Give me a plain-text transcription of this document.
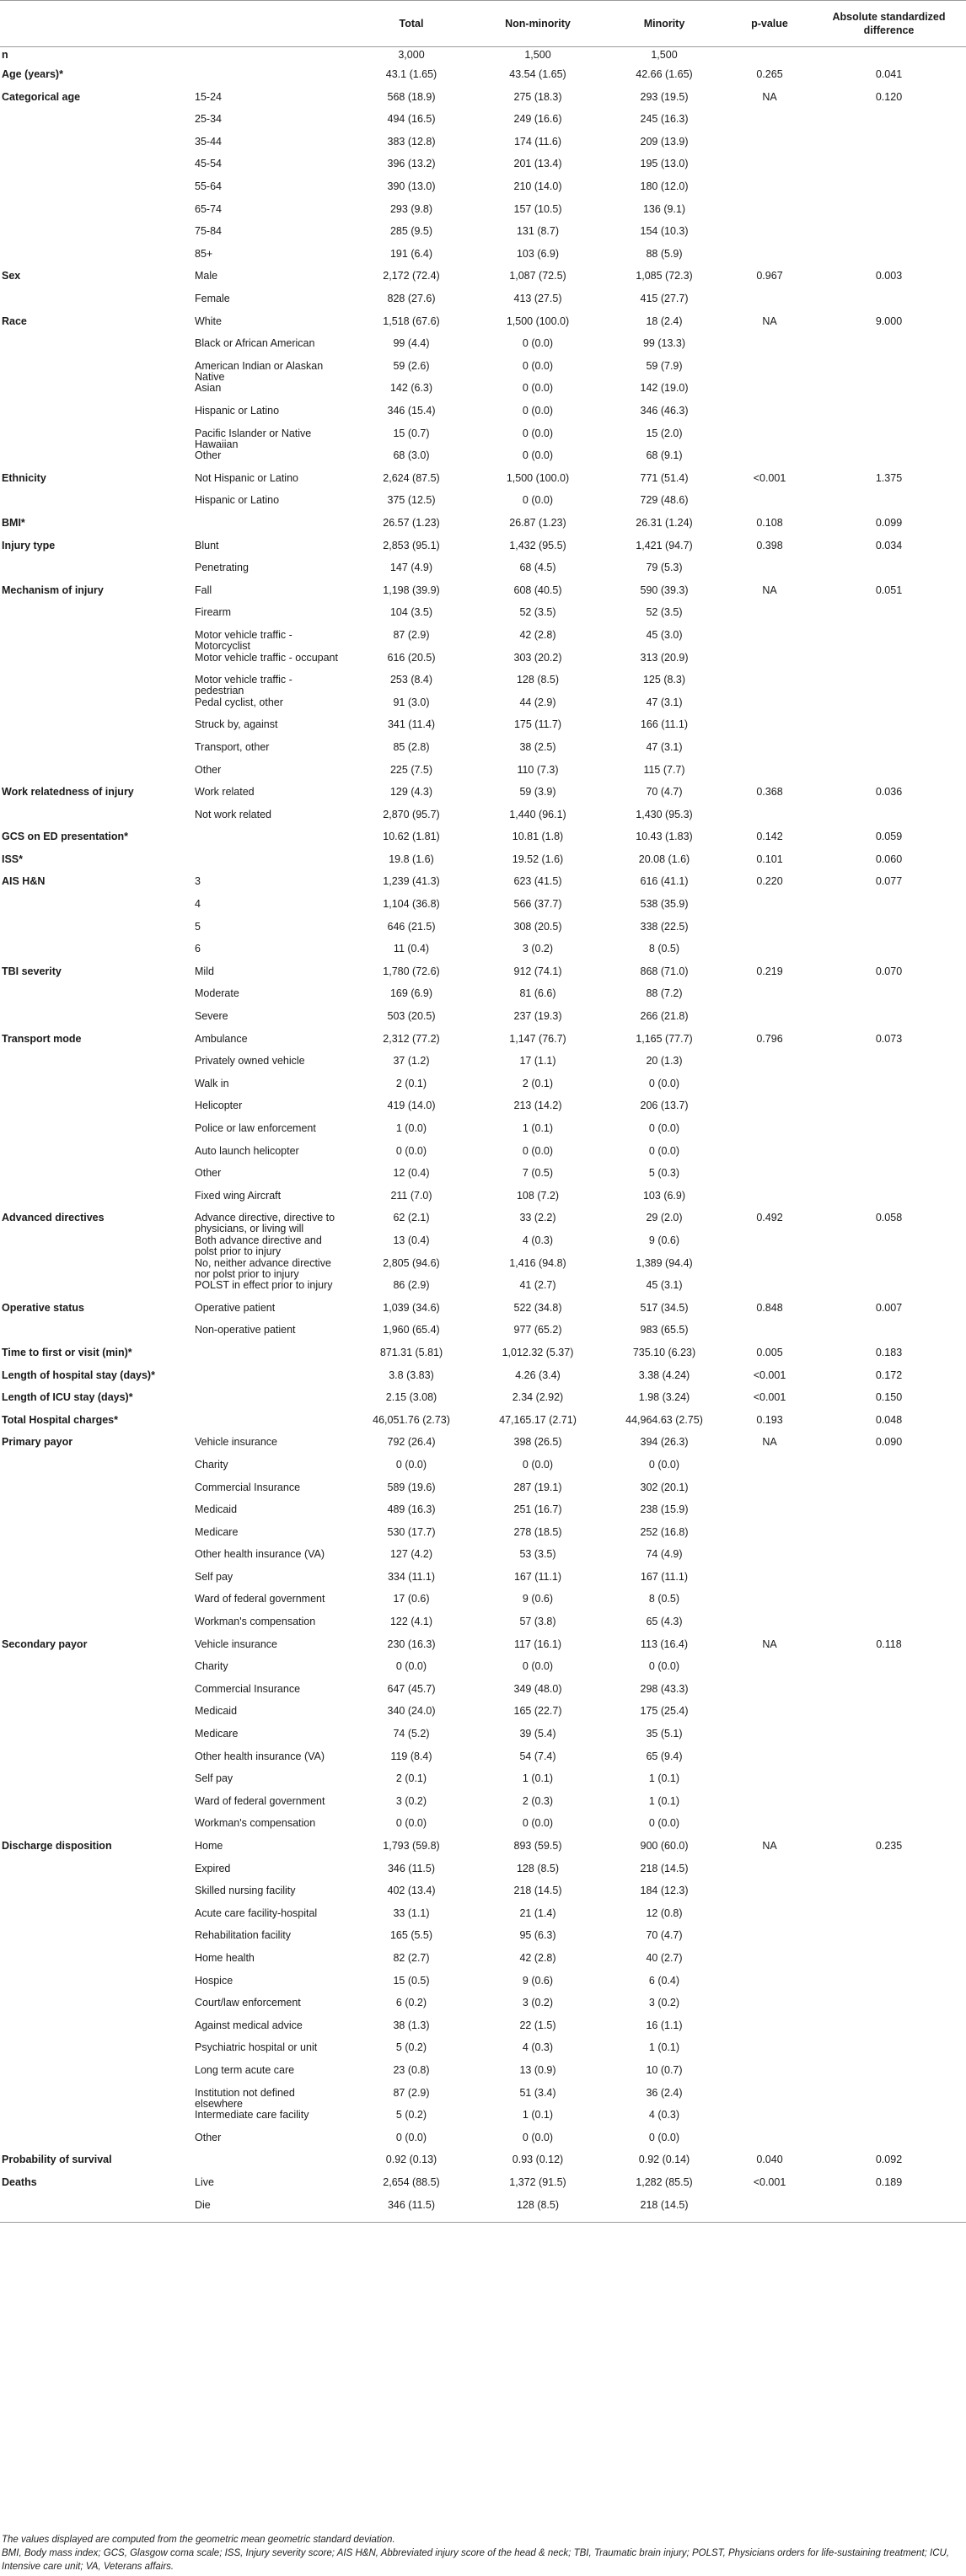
		Total	Non-minority	Minority	p-value	Absolute standardized difference
n		3,000	1,500	1,500		
Age (years)*		43.1 (1.65)	43.54 (1.65)	42.66 (1.65)	0.265	0.041
Categorical age	15-24	568 (18.9)	275 (18.3)	293 (19.5)	NA	0.120
	25-34	494 (16.5)	249 (16.6)	245 (16.3)		
	35-44	383 (12.8)	174 (11.6)	209 (13.9)		
	45-54	396 (13.2)	201 (13.4)	195 (13.0)		
	55-64	390 (13.0)	210 (14.0)	180 (12.0)		
	65-74	293 (9.8)	157 (10.5)	136 (9.1)		
	75-84	285 (9.5)	131 (8.7)	154 (10.3)		
	85+	191 (6.4)	103 (6.9)	88 (5.9)		
Sex	Male	2,172 (72.4)	1,087 (72.5)	1,085 (72.3)	0.967	0.003
	Female	828 (27.6)	413 (27.5)	415 (27.7)		
Race	White	1,518 (67.6)	1,500 (100.0)	18 (2.4)	NA	9.000
	Black or African American	99 (4.4)	0 (0.0)	99 (13.3)		
	American Indian or Alaskan Native	59 (2.6)	0 (0.0)	59 (7.9)		
	Asian	142 (6.3)	0 (0.0)	142 (19.0)		
	Hispanic or Latino	346 (15.4)	0 (0.0)	346 (46.3)		
	Pacific Islander or Native Hawaiian	15 (0.7)	0 (0.0)	15 (2.0)		
	Other	68 (3.0)	0 (0.0)	68 (9.1)		
Ethnicity	Not Hispanic or Latino	2,624 (87.5)	1,500 (100.0)	771 (51.4)	<0.001	1.375
	Hispanic or Latino	375 (12.5)	0 (0.0)	729 (48.6)		
BMI*		26.57 (1.23)	26.87 (1.23)	26.31 (1.24)	0.108	0.099
Injury type	Blunt	2,853 (95.1)	1,432 (95.5)	1,421 (94.7)	0.398	0.034
	Penetrating	147 (4.9)	68 (4.5)	79 (5.3)		
Mechanism of injury	Fall	1,198 (39.9)	608 (40.5)	590 (39.3)	NA	0.051
	Firearm	104 (3.5)	52 (3.5)	52 (3.5)		
	Motor vehicle traffic - Motorcyclist	87 (2.9)	42 (2.8)	45 (3.0)		
	Motor vehicle traffic - occupant	616 (20.5)	303 (20.2)	313 (20.9)		
	Motor vehicle traffic - pedestrian	253 (8.4)	128 (8.5)	125 (8.3)		
	Pedal cyclist, other	91 (3.0)	44 (2.9)	47 (3.1)		
	Struck by, against	341 (11.4)	175 (11.7)	166 (11.1)		
	Transport, other	85 (2.8)	38 (2.5)	47 (3.1)		
	Other	225 (7.5)	110 (7.3)	115 (7.7)		
Work relatedness of injury	Work related	129 (4.3)	59 (3.9)	70 (4.7)	0.368	0.036
	Not work related	2,870 (95.7)	1,440 (96.1)	1,430 (95.3)		
GCS on ED presentation*		10.62 (1.81)	10.81 (1.8)	10.43 (1.83)	0.142	0.059
ISS*		19.8 (1.6)	19.52 (1.6)	20.08 (1.6)	0.101	0.060
AIS H&N	3	1,239 (41.3)	623 (41.5)	616 (41.1)	0.220	0.077
	4	1,104 (36.8)	566 (37.7)	538 (35.9)		
	5	646 (21.5)	308 (20.5)	338 (22.5)		
	6	11 (0.4)	3 (0.2)	8 (0.5)		
TBI severity	Mild	1,780 (72.6)	912 (74.1)	868 (71.0)	0.219	0.070
	Moderate	169 (6.9)	81 (6.6)	88 (7.2)		
	Severe	503 (20.5)	237 (19.3)	266 (21.8)		
Transport mode	Ambulance	2,312 (77.2)	1,147 (76.7)	1,165 (77.7)	0.796	0.073
	Privately owned vehicle	37 (1.2)	17 (1.1)	20 (1.3)		
	Walk in	2 (0.1)	2 (0.1)	0 (0.0)		
	Helicopter	419 (14.0)	213 (14.2)	206 (13.7)		
	Police or law enforcement	1 (0.0)	1 (0.1)	0 (0.0)		
	Auto launch helicopter	0 (0.0)	0 (0.0)	0 (0.0)		
	Other	12 (0.4)	7 (0.5)	5 (0.3)		
	Fixed wing Aircraft	211 (7.0)	108 (7.2)	103 (6.9)		
Advanced directives	Advance directive, directive to physicians, or living will	62 (2.1)	33 (2.2)	29 (2.0)	0.492	0.058
	Both advance directive and polst prior to injury	13 (0.4)	4 (0.3)	9 (0.6)		
	No, neither advance directive nor polst prior to injury	2,805 (94.6)	1,416 (94.8)	1,389 (94.4)		
	POLST in effect prior to injury	86 (2.9)	41 (2.7)	45 (3.1)		
Operative status	Operative patient	1,039 (34.6)	522 (34.8)	517 (34.5)	0.848	0.007
	Non-operative patient	1,960 (65.4)	977 (65.2)	983 (65.5)		
Time to first or visit (min)*		871.31 (5.81)	1,012.32 (5.37)	735.10 (6.23)	0.005	0.183
Length of hospital stay (days)*		3.8 (3.83)	4.26 (3.4)	3.38 (4.24)	<0.001	0.172
Length of ICU stay (days)*		2.15 (3.08)	2.34 (2.92)	1.98 (3.24)	<0.001	0.150
Total Hospital charges*		46,051.76 (2.73)	47,165.17 (2.71)	44,964.63 (2.75)	0.193	0.048
Primary payor	Vehicle insurance	792 (26.4)	398 (26.5)	394 (26.3)	NA	0.090
	Charity	0 (0.0)	0 (0.0)	0 (0.0)		
	Commercial Insurance	589 (19.6)	287 (19.1)	302 (20.1)		
	Medicaid	489 (16.3)	251 (16.7)	238 (15.9)		
	Medicare	530 (17.7)	278 (18.5)	252 (16.8)		
	Other health insurance (VA)	127 (4.2)	53 (3.5)	74 (4.9)		
	Self pay	334 (11.1)	167 (11.1)	167 (11.1)		
	Ward of federal government	17 (0.6)	9 (0.6)	8 (0.5)		
	Workman's compensation	122 (4.1)	57 (3.8)	65 (4.3)		
Secondary payor	Vehicle insurance	230 (16.3)	117 (16.1)	113 (16.4)	NA	0.118
	Charity	0 (0.0)	0 (0.0)	0 (0.0)		
	Commercial Insurance	647 (45.7)	349 (48.0)	298 (43.3)		
	Medicaid	340 (24.0)	165 (22.7)	175 (25.4)		
	Medicare	74 (5.2)	39 (5.4)	35 (5.1)		
	Other health insurance (VA)	119 (8.4)	54 (7.4)	65 (9.4)		
	Self pay	2 (0.1)	1 (0.1)	1 (0.1)		
	Ward of federal government	3 (0.2)	2 (0.3)	1 (0.1)		
	Workman's compensation	0 (0.0)	0 (0.0)	0 (0.0)		
Discharge disposition	Home	1,793 (59.8)	893 (59.5)	900 (60.0)	NA	0.235
	Expired	346 (11.5)	128 (8.5)	218 (14.5)		
	Skilled nursing facility	402 (13.4)	218 (14.5)	184 (12.3)		
	Acute care facility-hospital	33 (1.1)	21 (1.4)	12 (0.8)		
	Rehabilitation facility	165 (5.5)	95 (6.3)	70 (4.7)		
	Home health	82 (2.7)	42 (2.8)	40 (2.7)		
	Hospice	15 (0.5)	9 (0.6)	6 (0.4)		
	Court/law enforcement	6 (0.2)	3 (0.2)	3 (0.2)		
	Against medical advice	38 (1.3)	22 (1.5)	16 (1.1)		
	Psychiatric hospital or unit	5 (0.2)	4 (0.3)	1 (0.1)		
	Long term acute care	23 (0.8)	13 (0.9)	10 (0.7)		
	Institution not defined elsewhere	87 (2.9)	51 (3.4)	36 (2.4)		
	Intermediate care facility	5 (0.2)	1 (0.1)	4 (0.3)		
	Other	0 (0.0)	0 (0.0)	0 (0.0)		
Probability of survival		0.92 (0.13)	0.93 (0.12)	0.92 (0.14)	0.040	0.092
Deaths	Live	2,654 (88.5)	1,372 (91.5)	1,282 (85.5)	<0.001	0.189
	Die	346 (11.5)	128 (8.5)	218 (14.5)		
The values displayed are computed from the geometric mean geometric standard deviation.
BMI, Body mass index; GCS, Glasgow coma scale; ISS, Injury severity score; AIS H&N, Abbreviated injury score of the head & neck; TBI, Traumatic brain injury; POLST, Physicians orders for life-sustaining treatment; ICU, Intensive care unit; VA, Veterans affairs.
